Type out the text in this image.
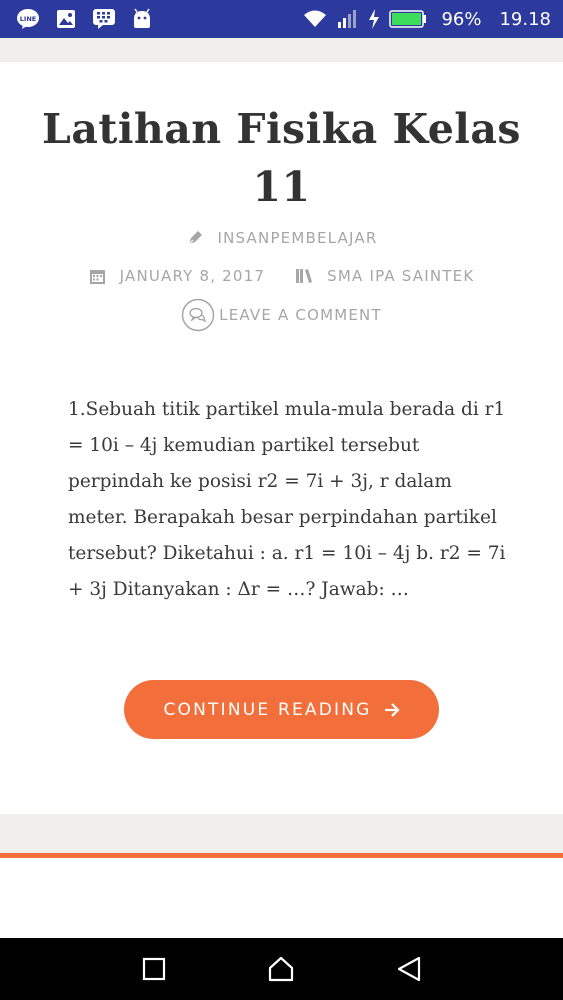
LINE	96% 19.18
Latihan Fisika Kelas 11
INSANPEMBELAJAR
JANUARY 8, 2017	SMA IPA SAINTEK
LEAVE A COMMENT

1.Sebuah titik partikel mula-mula berada di r1 = 10i – 4j kemudian partikel tersebut perpindah ke posisi r2 = 7i + 3j, r dalam meter. Berapakah besar perpindahan partikel tersebut? Diketahui : a. r1 = 10i – 4j b. r2 = 7i + 3j Ditanyakan : Δr = …? Jawab: …

CONTINUE READING
